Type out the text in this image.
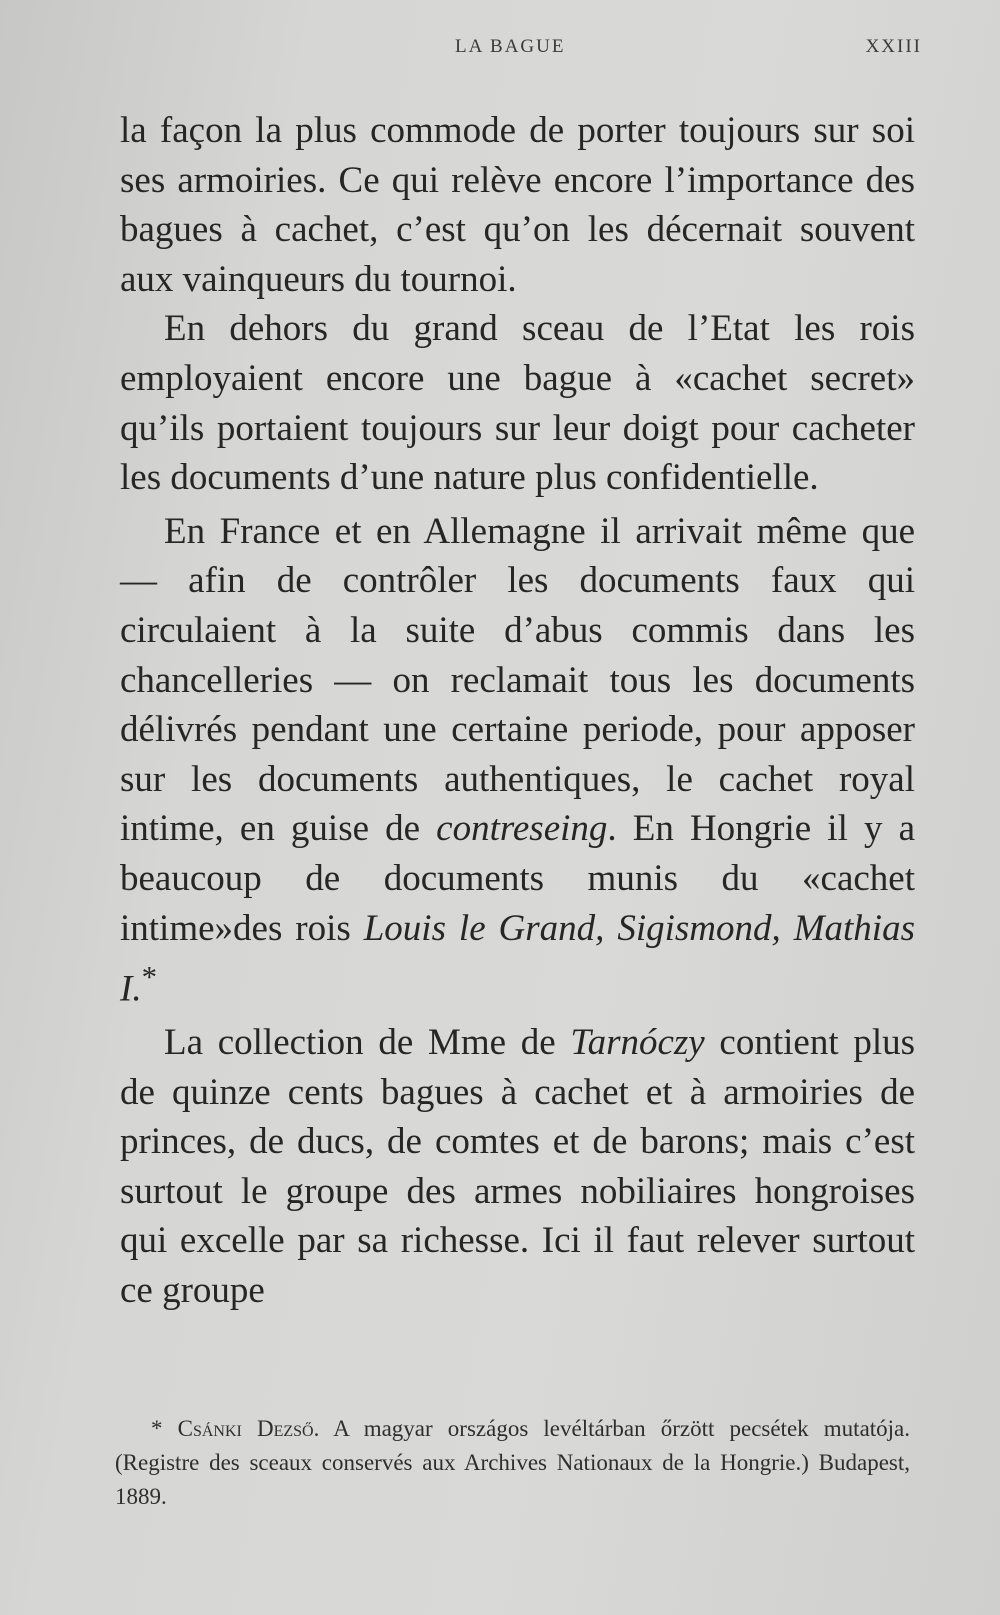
LA BAGUE	XXIII

la façon la plus commode de porter toujours sur soi ses armoiries. Ce qui relève encore l’importance des bagues à cachet, c’est qu’on les décernait souvent aux vainqueurs du tournoi.

En dehors du grand sceau de l’Etat les rois employaient encore une bague à «cachet secret» qu’ils portaient toujours sur leur doigt pour cacheter les documents d’une nature plus confidentielle.

En France et en Allemagne il arrivait même que — afin de contrôler les documents faux qui circulaient à la suite d’abus commis dans les chancelleries — on reclamait tous les documents délivrés pendant une certaine periode, pour apposer sur les documents authentiques, le cachet royal intime, en guise de contreseing. En Hongrie il y a beaucoup de documents munis du «cachet intime»des rois Louis le Grand, Sigismond, Mathias I.*

La collection de Mme de Tarnóczy contient plus de quinze cents bagues à cachet et à armoiries de princes, de ducs, de comtes et de barons; mais c’est surtout le groupe des armes nobiliaires hongroises qui excelle par sa richesse. Ici il faut relever surtout ce groupe

* Csánki Dezső. A magyar országos levéltárban őrzött pecsétek mutatója. (Registre des sceaux conservés aux Archives Nationaux de la Hongrie.) Budapest, 1889.
